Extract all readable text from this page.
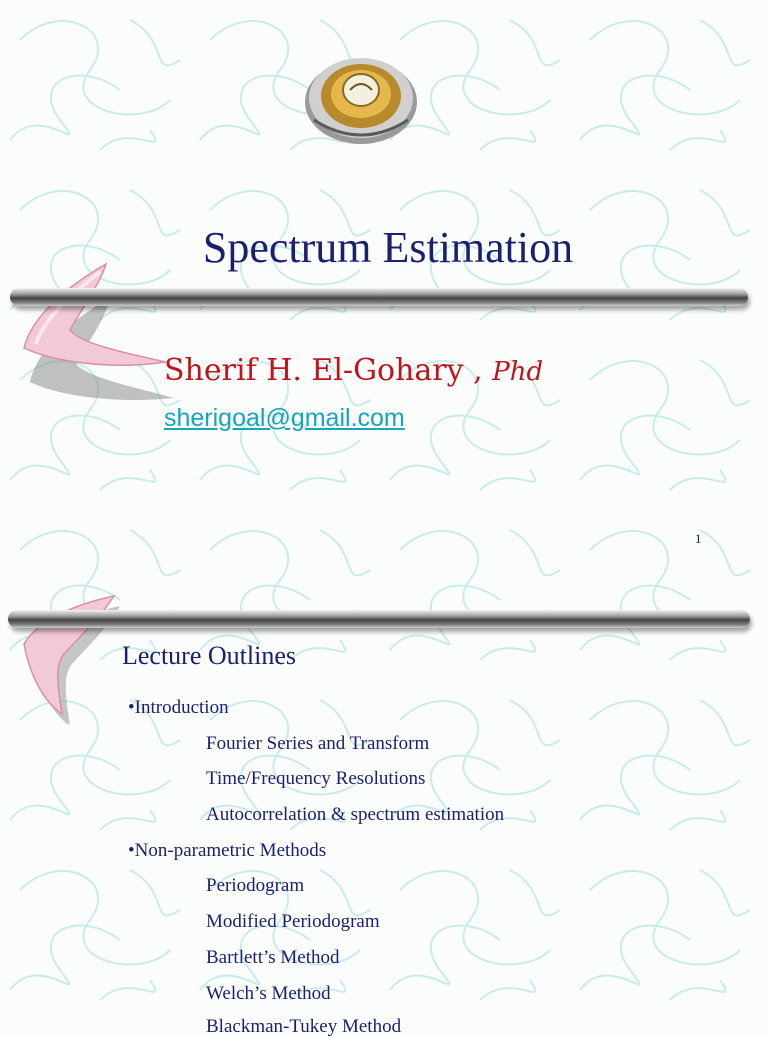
Spectrum Estimation
Sherif H. El-Gohary , Phd
sherigoal@gmail.com
1
Lecture Outlines
•Introduction
Fourier Series and Transform
Time/Frequency Resolutions
Autocorrelation & spectrum estimation
•Non-parametric Methods
Periodogram
Modified Periodogram
Bartlett’s Method
Welch’s Method
Blackman-Tukey Method
